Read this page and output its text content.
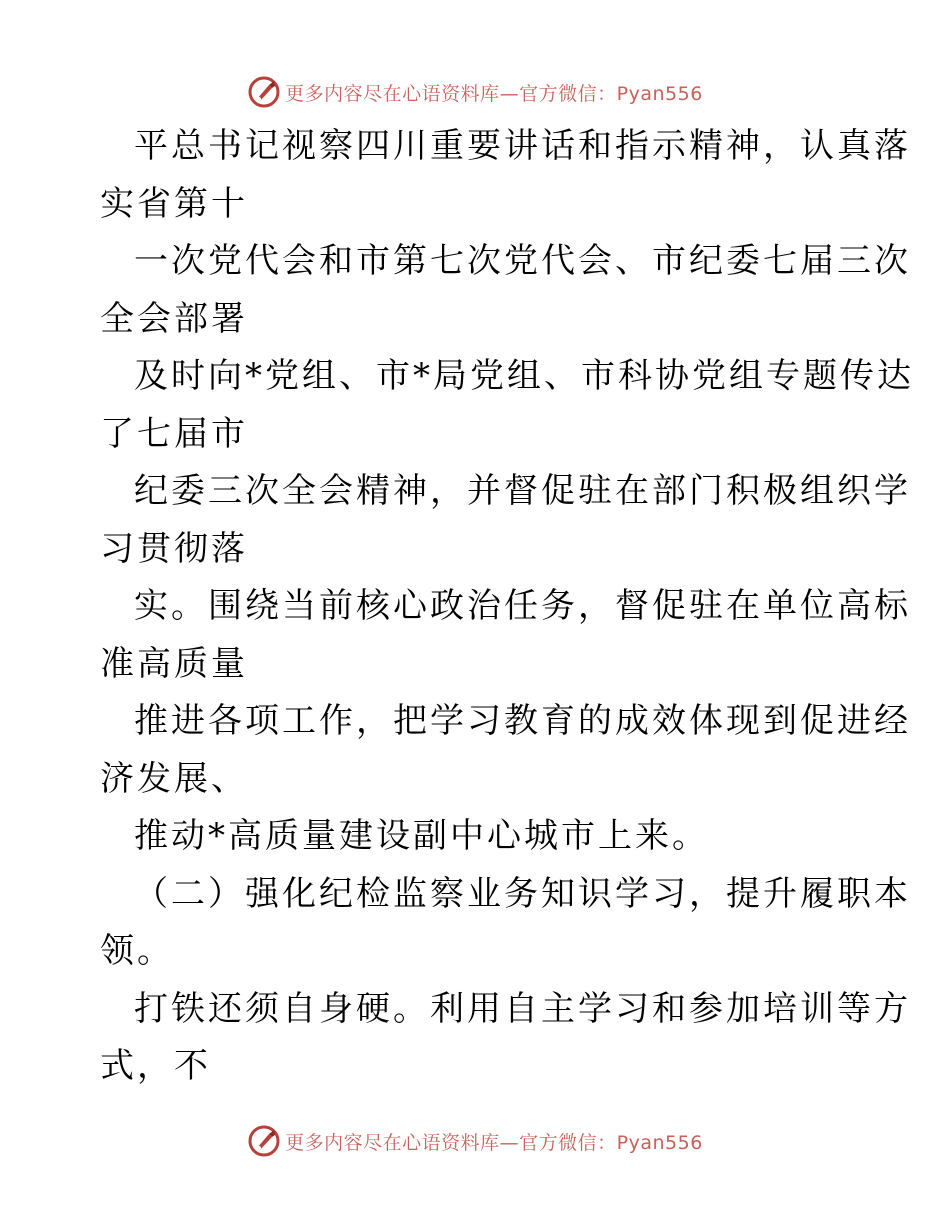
更多内容尽在心语资料库—官方微信：Pyan556
平总书记视察四川重要讲话和指示精神，认真落
实省第十
一次党代会和市第七次党代会、市纪委七届三次
全会部署
及时向*党组、市*局党组、市科协党组专题传达
了七届市
纪委三次全会精神，并督促驻在部门积极组织学
习贯彻落
实。围绕当前核心政治任务，督促驻在单位高标
准高质量
推进各项工作，把学习教育的成效体现到促进经
济发展、
推动*高质量建设副中心城市上来。
（二）强化纪检监察业务知识学习，提升履职本
领。
打铁还须自身硬。利用自主学习和参加培训等方
式，不
更多内容尽在心语资料库—官方微信：Pyan556
